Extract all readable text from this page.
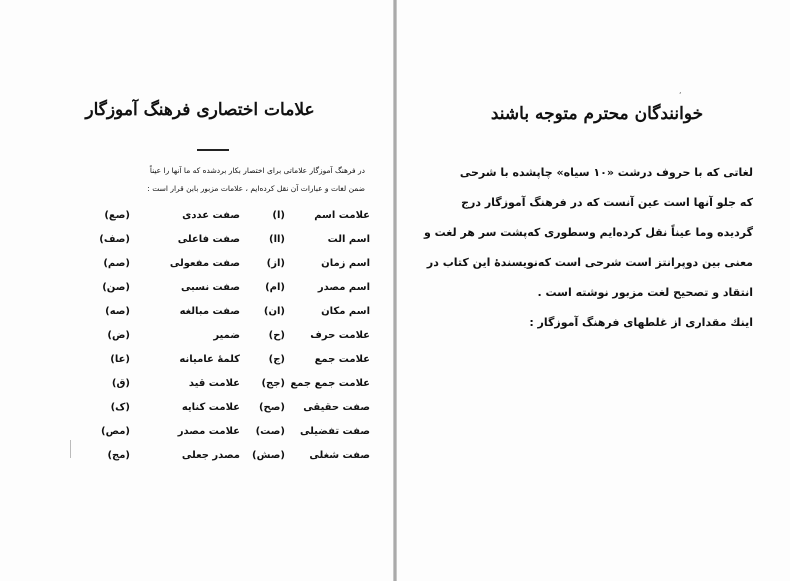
علامات اختصاری فرهنگ آموزگار
در فرهنگ آموزگار علاماتی برای اختصار بکار بردشده که ما آنها را عیناً
ضمن لغات و عبارات آن نقل کرده‌ایم ، علامات مزبور بابن قرار است :
علامت اسم
(ا)
صفت عددی
(صع)
اسم الت
(اا)
صفت فاعلی
(صف)
اسم زمان
(از)
صفت مفعولی
(صم)
اسم مصدر
(ام)
صفت نسبی
(صن)
اسم مکان
(ان)
صفت مبالغه
(صه)
علامت حرف
(ح)
ضمیر
(ض)
علامت جمع
(ج)
کلمهٔ عامیانه
(عا)
علامت جمع جمع
(جج)
علامت قید
(ق)
صفت حقیقی
(صح)
علامت کنایه
(ک)
صفت تفضیلی
(صت)
علامت مصدر
(مص)
صفت شغلی
(صش)
مصدر جعلی
(مج)
,
خوانندگان محترم متوجه باشند
لغاتی که با حروف درشت «۱۰ سیاه» چاپشده با شرحی
که جلو آنها است عین آنست که در فرهنگ آموزگار درج
گردیده وما عیناً نقل کرده‌ایم وسطوری که‌پشت سر هر لغت و
معنی بین دوپرانتز است شرحی است که‌نویسندهٔ این کتاب در
انتقاد و تصحیح لغت مزبور نوشته است .
اینك مقداری از غلطهای فرهنگ آموزگار :
